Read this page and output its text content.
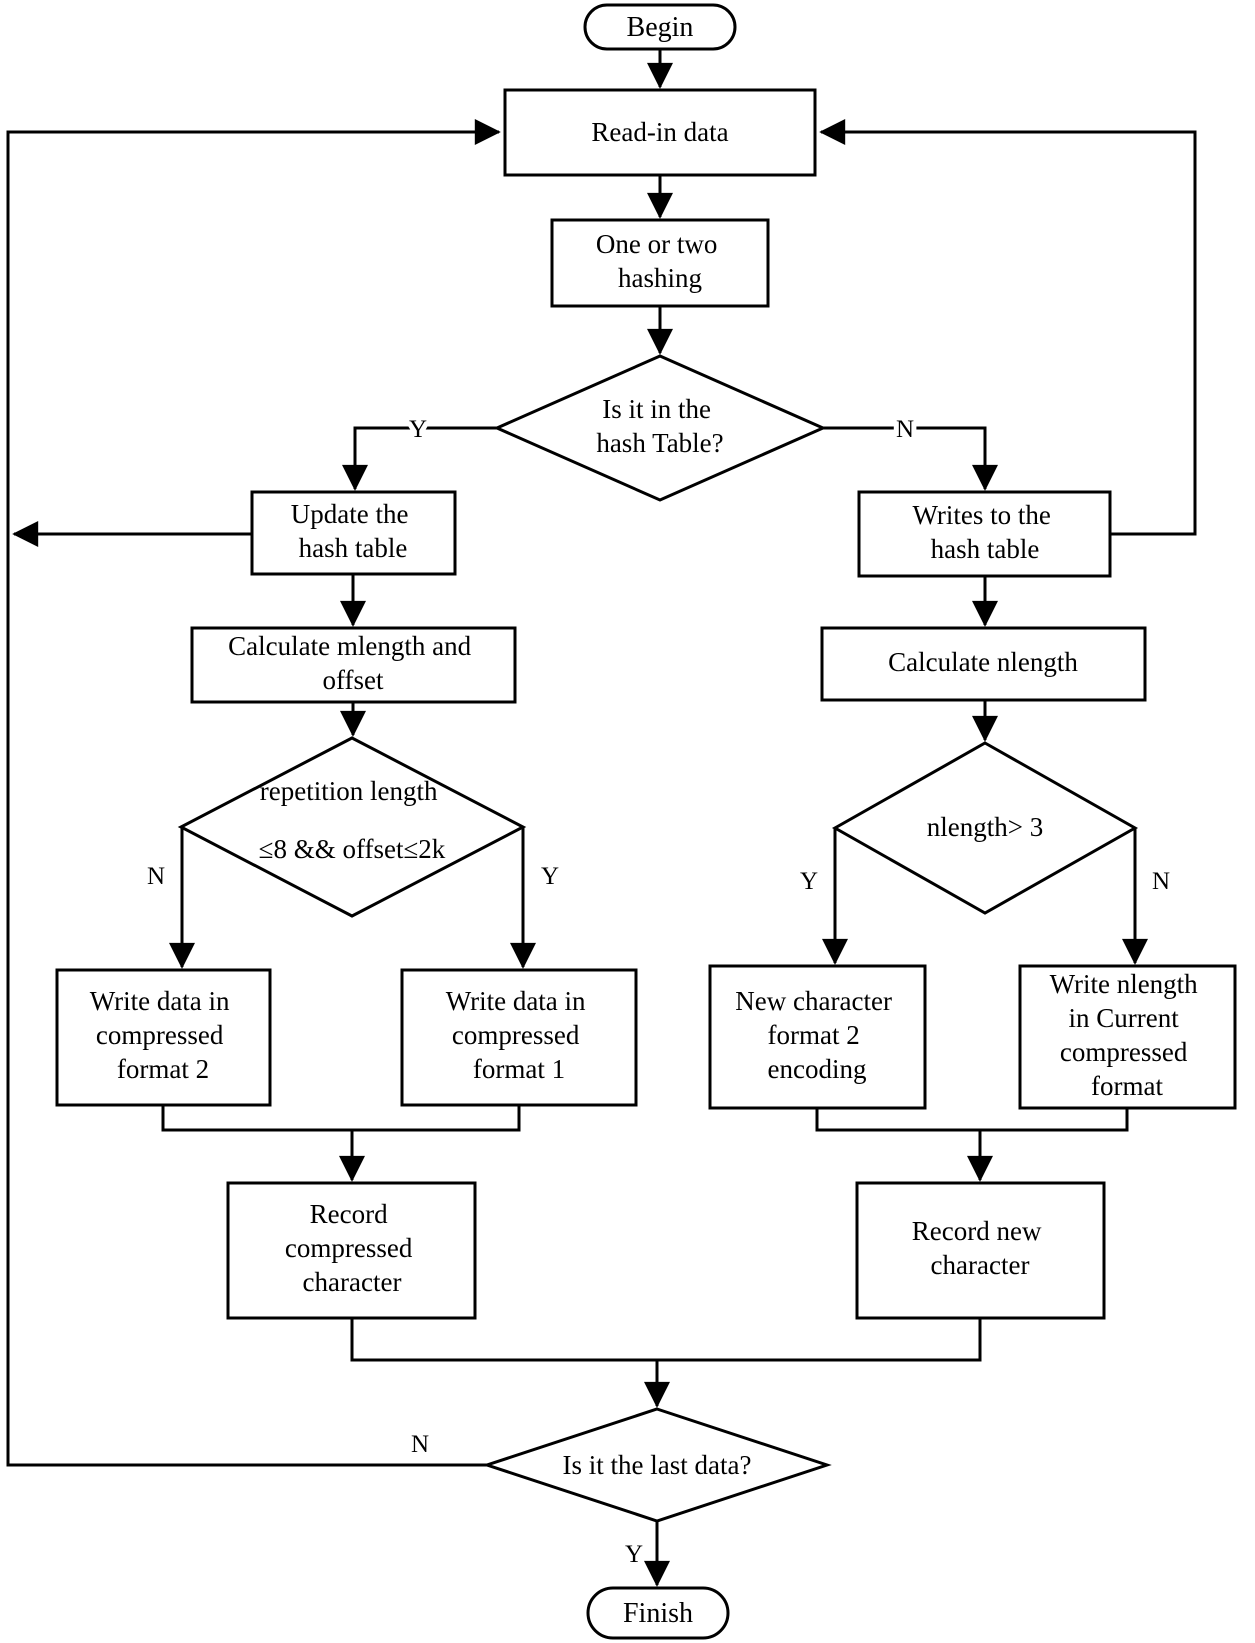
Begin
Read-in data
One or two hashing
Is it in the hash Table?
Update the hash table
Writes to the hash table
Calculate mlength and offset
repetition length ≤8 && offset≤2k
Write data in compressed format 2
Write data in compressed format 1
Record compressed character
Calculate nlength
nlength> 3
New character format 2 encoding
Write nlength in Current compressed format
Record new character
Is it the last data?
Finish
Y	N
N	Y	Y	N
N
Y
